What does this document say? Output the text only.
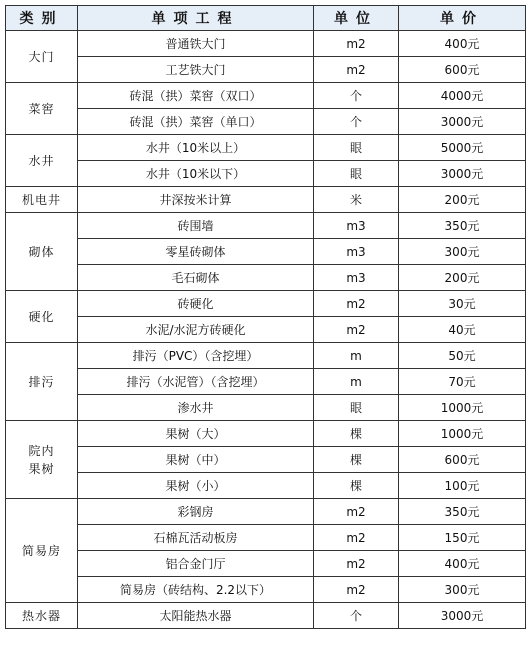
类别	单项工程	单位	单价
大门	普通铁大门	m2	400元
	工艺铁大门	m2	600元
菜窖	砖混（拱）菜窖（双口）	个	4000元
	砖混（拱）菜窖（单口）	个	3000元
水井	水井（10米以上）	眼	5000元
	水井（10米以下）	眼	3000元
机电井	井深按米计算	米	200元
砌体	砖围墙	m3	350元
	零星砖砌体	m3	300元
	毛石砌体	m3	200元
硬化	砖硬化	m2	30元
	水泥/水泥方砖硬化	m2	40元
排污	排污（PVC）（含挖埋）	m	50元
	排污（水泥管）（含挖埋）	m	70元
	渗水井	眼	1000元
院内果树	果树（大）	棵	1000元
	果树（中）	棵	600元
	果树（小）	棵	100元
简易房	彩钢房	m2	350元
	石棉瓦活动板房	m2	150元
	铝合金门厅	m2	400元
	简易房（砖结构、2.2以下）	m2	300元
热水器	太阳能热水器	个	3000元
